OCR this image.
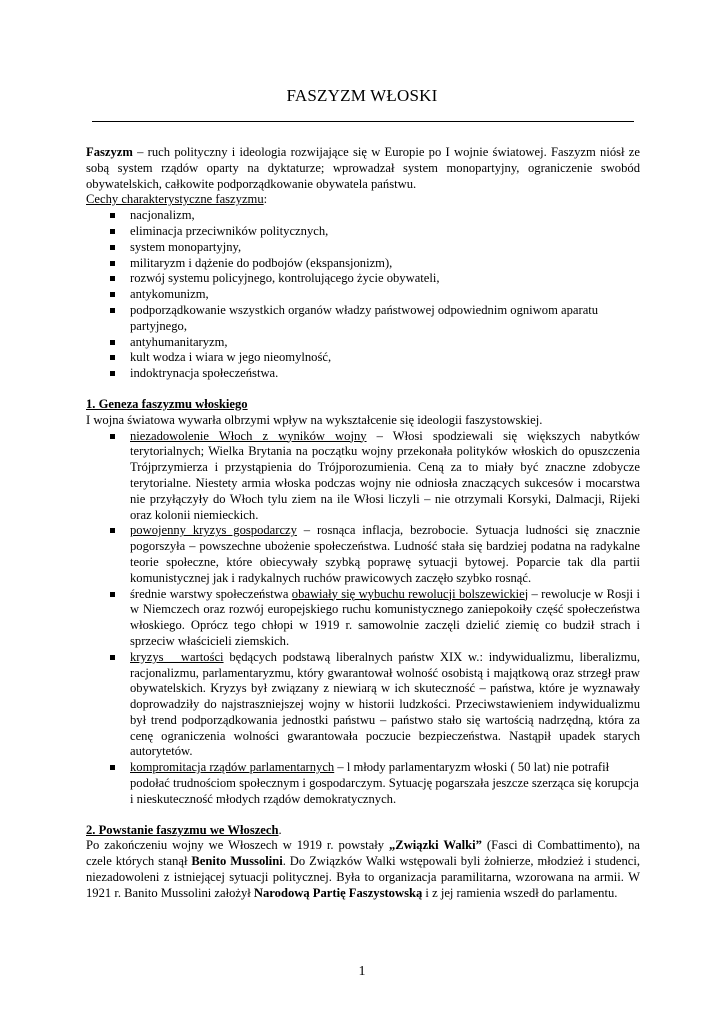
FASZYZM WŁOSKI

Faszyzm – ruch polityczny i ideologia rozwijające się w Europie po I wojnie światowej. Faszyzm niósł ze sobą system rządów oparty na dyktaturze; wprowadzał system monopartyjny, ograniczenie swobód obywatelskich, całkowite podporządkowanie obywatela państwu.

Cechy charakterystyczne faszyzmu:

nacjonalizm,
eliminacja przeciwników politycznych,
system monopartyjny,
militaryzm i dążenie do podbojów (ekspansjonizm),
rozwój systemu policyjnego, kontrolującego życie obywateli,
antykomunizm,
podporządkowanie wszystkich organów władzy państwowej odpowiednim ogniwom aparatu partyjnego,
antyhumanitaryzm,
kult wodza i wiara w jego nieomylność,
indoktrynacja społeczeństwa.

1. Geneza faszyzmu włoskiego

I wojna światowa wywarła olbrzymi wpływ na wykształcenie się ideologii faszystowskiej.

niezadowolenie Włoch z wyników wojny – Włosi spodziewali się większych nabytków terytorialnych; Wielka Brytania na początku wojny przekonała polityków włoskich do opuszczenia Trójprzymierza i przystąpienia do Trójporozumienia. Ceną za to miały być znaczne zdobycze terytorialne. Niestety armia włoska podczas wojny nie odniosła znaczących sukcesów i mocarstwa nie przyłączyły do Włoch tylu ziem na ile Włosi liczyli – nie otrzymali Korsyki, Dalmacji, Rijeki oraz kolonii niemieckich.
powojenny kryzys gospodarczy – rosnąca inflacja, bezrobocie. Sytuacja ludności się znacznie pogorszyła – powszechne ubożenie społeczeństwa. Ludność stała się bardziej podatna na radykalne teorie społeczne, które obiecywały szybką poprawę sytuacji bytowej. Poparcie tak dla partii komunistycznej jak i radykalnych ruchów prawicowych zaczęło szybko rosnąć.
średnie warstwy społeczeństwa obawiały się wybuchu rewolucji bolszewickiej – rewolucje w Rosji i w Niemczech oraz rozwój europejskiego ruchu komunistycznego zaniepokoiły część społeczeństwa włoskiego. Oprócz tego chłopi w 1919 r. samowolnie zaczęli dzielić ziemię co budził strach i sprzeciw właścicieli ziemskich.
kryzys   wartości będących podstawą liberalnych państw XIX w.: indywidualizmu, liberalizmu, racjonalizmu, parlamentaryzmu, który gwarantował wolność osobistą i majątkową oraz strzegł praw obywatelskich. Kryzys był związany z niewiarą w ich skuteczność – państwa, które je wyznawały doprowadziły do najstraszniejszej wojny w historii ludzkości. Przeciwstawieniem indywidualizmu był trend podporządkowania jednostki państwu – państwo stało się wartością nadrzędną, która za cenę ograniczenia wolności gwarantowała poczucie bezpieczeństwa. Nastąpił upadek starych autorytetów.
kompromitacja rządów parlamentarnych – l młody parlamentaryzm włoski ( 50 lat) nie potrafił podołać trudnościom społecznym i gospodarczym. Sytuację pogarszała jeszcze szerząca się korupcja i nieskuteczność młodych rządów demokratycznych.

2. Powstanie faszyzmu we Włoszech.

Po zakończeniu wojny we Włoszech w 1919 r. powstały „Związki Walki” (Fasci di Combattimento), na czele których stanął Benito Mussolini. Do Związków Walki wstępowali byli żołnierze, młodzież i studenci, niezadowoleni z istniejącej sytuacji politycznej. Była to organizacja paramilitarna, wzorowana na armii. W 1921 r. Banito Mussolini założył Narodową Partię Faszystowską i z jej ramienia wszedł do parlamentu.

1
